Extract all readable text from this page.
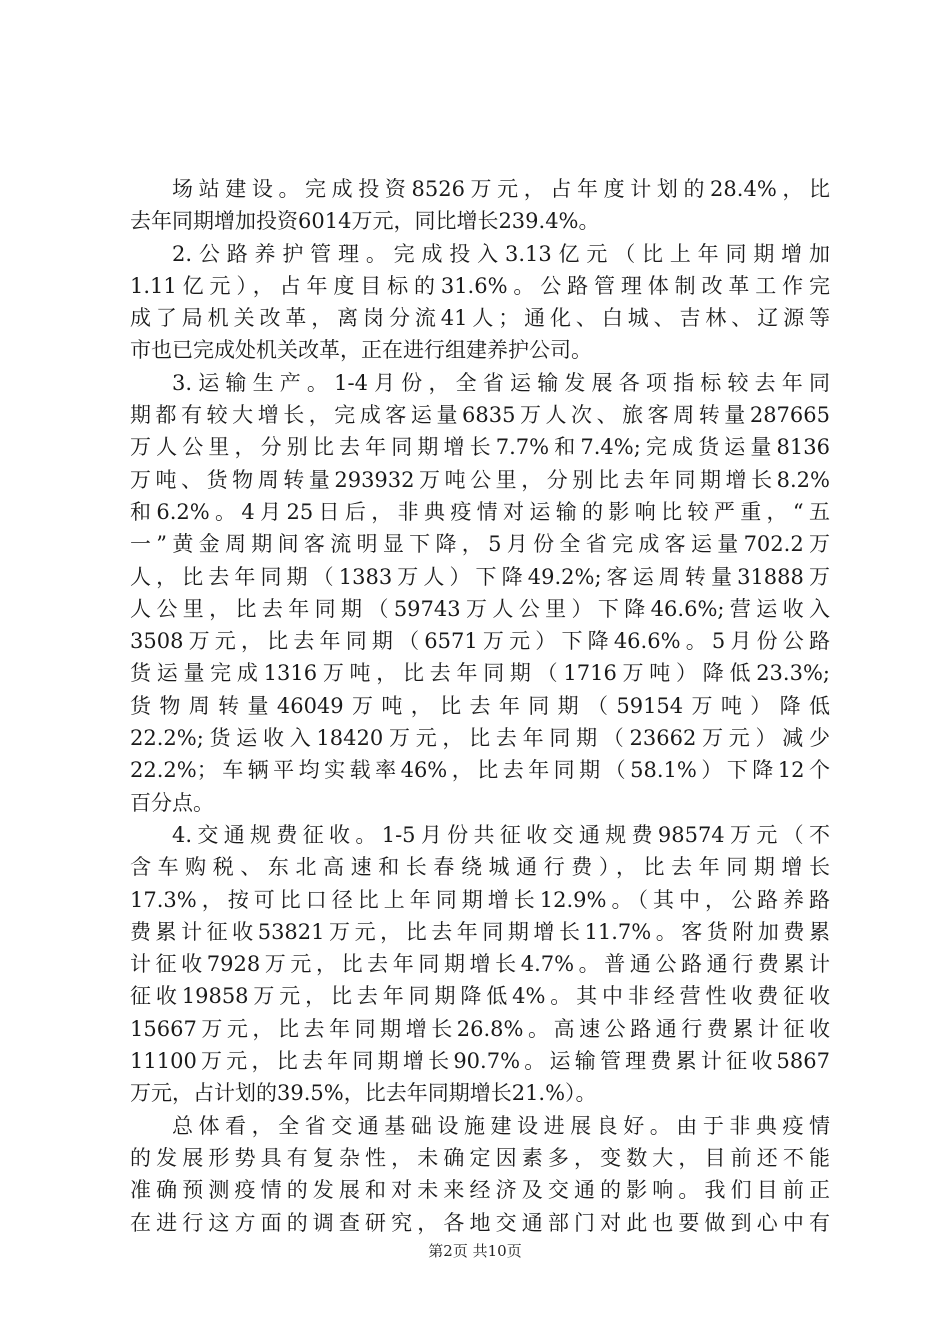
场站建设。完成投资8526万元，占年度计划的28.4%，比
去年同期增加投资6014万元，同比增长239.4%。
2.公路养护管理。完成投入3.13亿元（比上年同期增加
1.11亿元），占年度目标的31.6%。公路管理体制改革工作完
成了局机关改革，离岗分流41人；通化、白城、吉林、辽源等
市也已完成处机关改革，正在进行组建养护公司。
3.运输生产。1-4月份，全省运输发展各项指标较去年同
期都有较大增长，完成客运量6835万人次、旅客周转量287665
万人公里，分别比去年同期增长7.7%和7.4%;完成货运量8136
万吨、货物周转量293932万吨公里，分别比去年同期增长8.2%
和6.2%。4月25日后，非典疫情对运输的影响比较严重，“五
一”黄金周期间客流明显下降，5月份全省完成客运量702.2万
人，比去年同期（1383万人）下降49.2%;客运周转量31888万
人公里，比去年同期（59743万人公里）下降46.6%;营运收入
3508万元，比去年同期（6571万元）下降46.6%。5月份公路
货运量完成1316万吨，比去年同期（1716万吨）降低23.3%;
货物周转量46049万吨，比去年同期（59154万吨）降低
22.2%;货运收入18420万元，比去年同期（23662万元）减少
22.2%；车辆平均实载率46%，比去年同期（58.1%）下降12个
百分点。
4.交通规费征收。1-5月份共征收交通规费98574万元（不
含车购税、东北高速和长春绕城通行费），比去年同期增长
17.3%，按可比口径比上年同期增长12.9%。（其中，公路养路
费累计征收53821万元，比去年同期增长11.7%。客货附加费累
计征收7928万元，比去年同期增长4.7%。普通公路通行费累计
征收19858万元，比去年同期降低4%。其中非经营性收费征收
15667万元，比去年同期增长26.8%。高速公路通行费累计征收
11100万元，比去年同期增长90.7%。运输管理费累计征收5867
万元，占计划的39.5%，比去年同期增长21.%）。
总体看，全省交通基础设施建设进展良好。由于非典疫情
的发展形势具有复杂性，未确定因素多，变数大，目前还不能
准确预测疫情的发展和对未来经济及交通的影响。我们目前正
在进行这方面的调查研究，各地交通部门对此也要做到心中有
第2页 共10页
